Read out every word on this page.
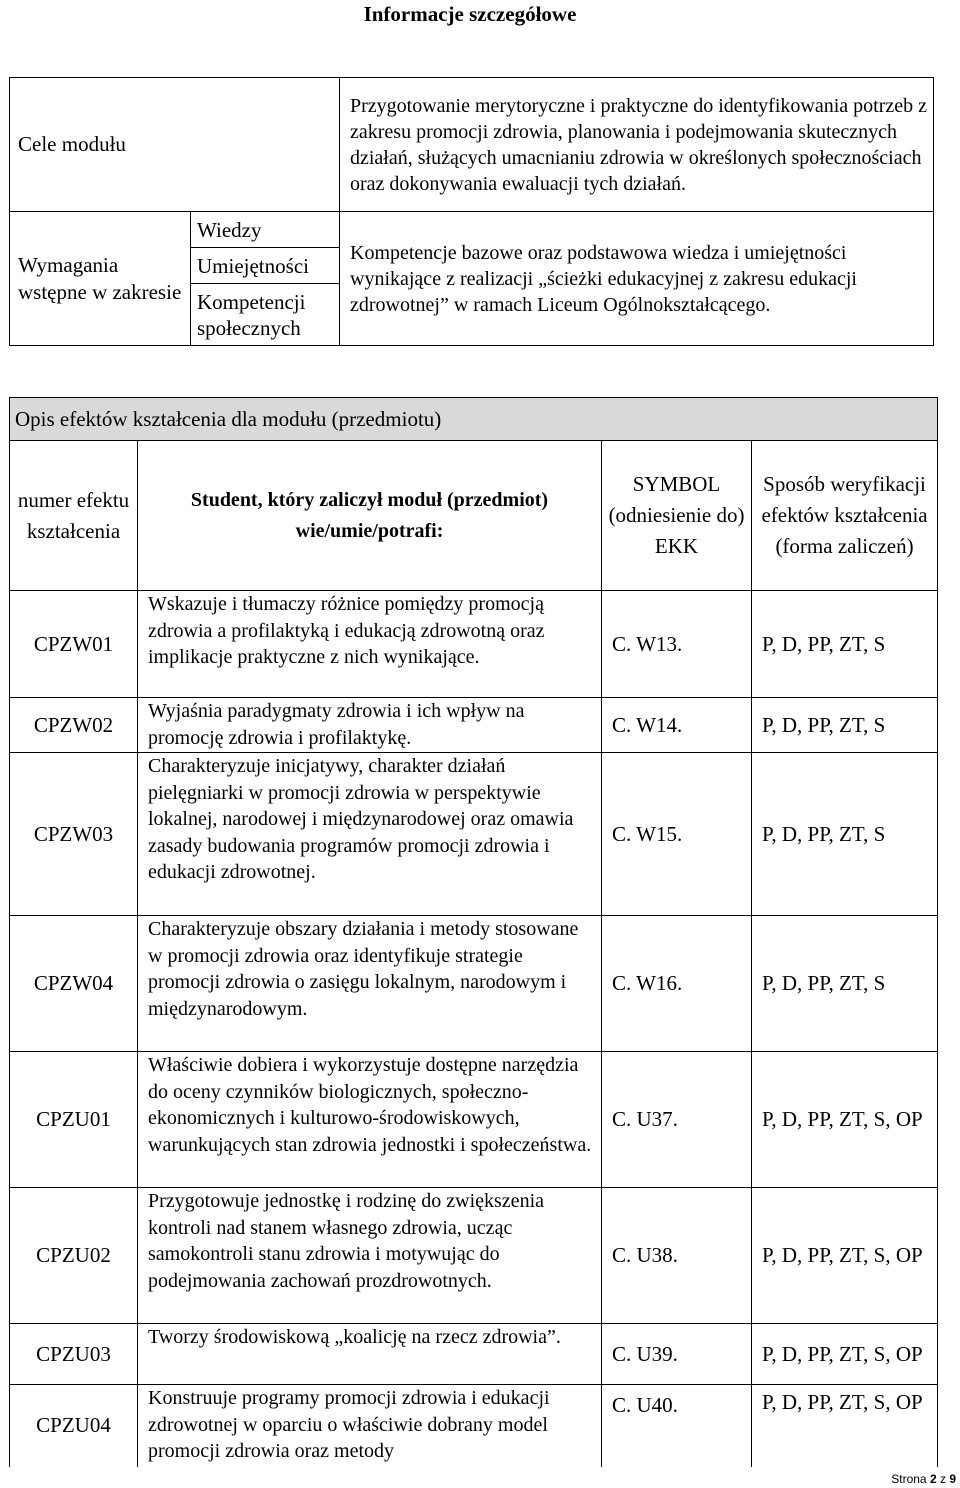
Informacje szczegółowe
Cele modułu		Przygotowanie merytoryczne i praktyczne do identyfikowania potrzeb z zakresu promocji zdrowia, planowania i podejmowania skutecznych działań, służących umacnianiu zdrowia w określonych społecznościach oraz dokonywania ewaluacji tych działań.
Wymagania wstępne w zakresie	Wiedzy	Kompetencje bazowe oraz podstawowa wiedza i umiejętności wynikające z realizacji „ścieżki edukacyjnej z zakresu edukacji zdrowotnej” w ramach Liceum Ogólnokształcącego.
	Umiejętności	
	Kompetencji społecznych	
Opis efektów kształcenia dla modułu (przedmiotu)			
numer efektu kształcenia	Student, który zaliczył moduł (przedmiot) wie/umie/potrafi:	SYMBOL (odniesienie do) EKK	Sposób weryfikacji efektów kształcenia (forma zaliczeń)
CPZW01	Wskazuje i tłumaczy różnice pomiędzy promocją zdrowia a profilaktyką i edukacją zdrowotną oraz implikacje praktyczne z nich wynikające.	C. W13.	P, D, PP, ZT, S
CPZW02	Wyjaśnia paradygmaty zdrowia i ich wpływ na promocję zdrowia i profilaktykę.	C. W14.	P, D, PP, ZT, S
CPZW03	Charakteryzuje inicjatywy, charakter działań pielęgniarki w promocji zdrowia w perspektywie lokalnej, narodowej i międzynarodowej oraz omawia zasady budowania programów promocji zdrowia i edukacji zdrowotnej.	C. W15.	P, D, PP, ZT, S
CPZW04	Charakteryzuje obszary działania i metody stosowane w promocji zdrowia oraz identyfikuje strategie promocji zdrowia o zasięgu lokalnym, narodowym i międzynarodowym.	C. W16.	P, D, PP, ZT, S
CPZU01	Właściwie dobiera i wykorzystuje dostępne narzędzia do oceny czynników biologicznych, społeczno-ekonomicznych i kulturowo-środowiskowych, warunkujących stan zdrowia jednostki i społeczeństwa.	C. U37.	P, D, PP, ZT, S, OP
CPZU02	Przygotowuje jednostkę i rodzinę do zwiększenia kontroli nad stanem własnego zdrowia, ucząc samokontroli stanu zdrowia i motywując do podejmowania zachowań prozdrowotnych.	C. U38.	P, D, PP, ZT, S, OP
CPZU03	Tworzy środowiskową „koalicję na rzecz zdrowia”.	C. U39.	P, D, PP, ZT, S, OP
CPZU04	Konstruuje programy promocji zdrowia i edukacji zdrowotnej w oparciu o właściwie dobrany model promocji zdrowia oraz metody	C. U40.	P, D, PP, ZT, S, OP
Strona 2 z 9
